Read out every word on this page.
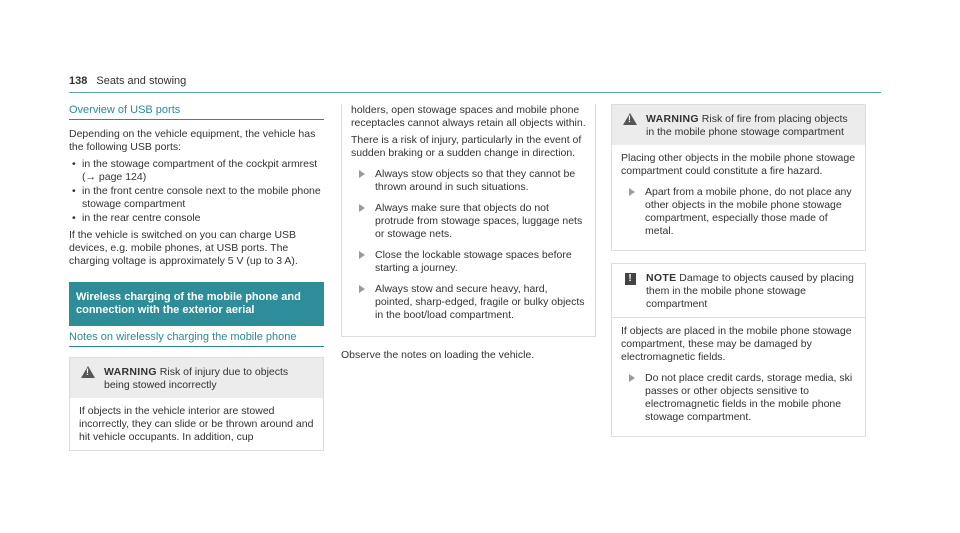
138 Seats and stowing
Overview of USB ports

Depending on the vehicle equipment, the vehicle has the following USB ports:

• in the stowage compartment of the cockpit armrest (→ page 124)
• in the front centre console next to the mobile phone stowage compartment
• in the rear centre console

If the vehicle is switched on you can charge USB devices, e.g. mobile phones, at USB ports. The charging voltage is approximately 5 V (up to 3 A).

Wireless charging of the mobile phone and connection with the exterior aerial
Notes on wirelessly charging the mobile phone
!
WARNING Risk of injury due to objects being stowed incorrectly
If objects in the vehicle interior are stowed incorrectly, they can slide or be thrown around and hit vehicle occupants. In addition, cup

holders, open stowage spaces and mobile phone receptacles cannot always retain all objects within.

There is a risk of injury, particularly in the event of sudden braking or a sudden change in direction.

Always stow objects so that they cannot be thrown around in such situations.
Always make sure that objects do not protrude from stowage spaces, luggage nets or stowage nets.
Close the lockable stowage spaces before starting a journey.
Always stow and secure heavy, hard, pointed, sharp-edged, fragile or bulky objects in the boot/load compartment.

Observe the notes on loading the vehicle.

!
WARNING Risk of fire from placing objects in the mobile phone stowage compartment

Placing other objects in the mobile phone stowage compartment could constitute a fire hazard.

Apart from a mobile phone, do not place any other objects in the mobile phone stowage compartment, especially those made of metal.
!	NOTE Damage to objects caused by placing them in the mobile phone stowage compartment

If objects are placed in the mobile phone stowage compartment, these may be damaged by electromagnetic fields.

Do not place credit cards, storage media, ski passes or other objects sensitive to electromagnetic fields in the mobile phone stowage compartment.
